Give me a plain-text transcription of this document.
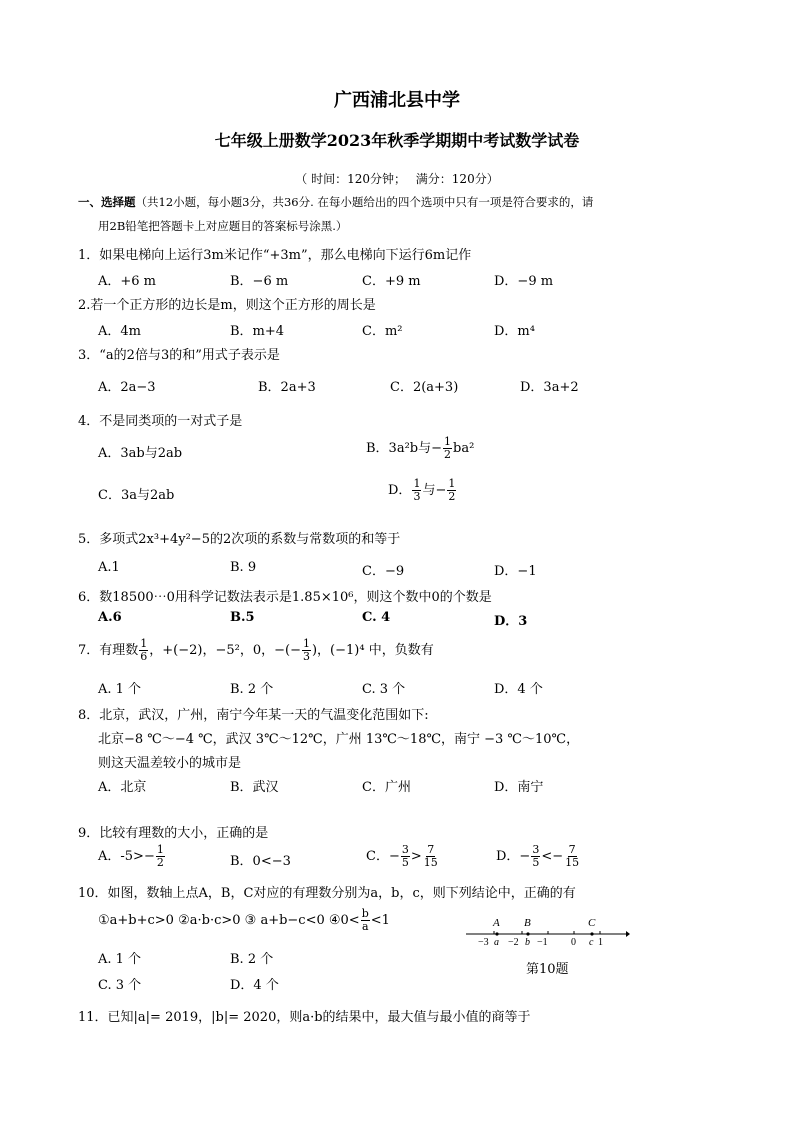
广西浦北县中学
七年级上册数学2023年秋季学期期中考试数学试卷
（ 时间：120分钟；　 满分：120分）
一、选择题（共12小题，每小题3分，共36分. 在每小题给出的四个选项中只有一项是符合要求的，请
用2B铅笔把答题卡上对应题目的答案标号涂黑.）
1．如果电梯向上运行3m米记作“+3m”，那么电梯向下运行6m记作
A．+6 m	B．−6 m	C．+9 m	D．−9 m
2.若一个正方形的边长是m，则这个正方形的周长是
A．4m	B．m+4	C．m²	D．m⁴
3．“a的2倍与3的和”用式子表示是
A．2a−3	B．2a+3	C．2(a+3)	D．3a+2
4．不是同类项的一对式子是
A．3ab与2ab	B．3a²b与− $\frac{1}{2} ba^2$
C．3a与2ab	D． $\frac{1}{3}$ 与− $\frac{1}{2}$
5．多项式2x³+4y²−5的2次项的系数与常数项的和等于
A.1	B. 9	C．−9	D．−1
6．数18500⋯0用科学记数法表示是1.85×10⁶，则这个数中0的个数是
A.6	B.5	C. 4	D．3
7．有理数 $\frac{1}{6}$ ，+(−2)，−5²，0，−(− $\frac{1}{3}$ )，(−1)⁴ 中，负数有
A. 1 个	B. 2 个	C. 3 个	D．4 个
8．北京，武汉，广州，南宁今年某一天的气温变化范围如下:
北京−8 ℃～−4 ℃，武汉 3℃～12℃，广州 13℃～18℃，南宁 −3 ℃～10℃，
则这天温差较小的城市是
A．北京	B．武汉	C．广州	D．南宁
9．比较有理数的大小，正确的是
A．$-5>- \frac{1}{2}$	B．0<−3	C．− $\frac{3}{5} > \frac{7}{15}$	D．− $\frac{3}{5} <- \frac{7}{15}$
10．如图，数轴上点A，B，C对应的有理数分别为a，b，c，则下列结论中，正确的有
①a+b+c>0 ②a·b·c>0 ③ a+b−c<0 ④0< $\frac{b}{a} <1$
A. 1 个	B. 2 个
C. 3 个	D．4 个
A B	C
−3 a −2 b −1 0 c 1
第10题
11．已知|a|= 2019，|b|= 2020，则a·b的结果中，最大值与最小值的商等于
